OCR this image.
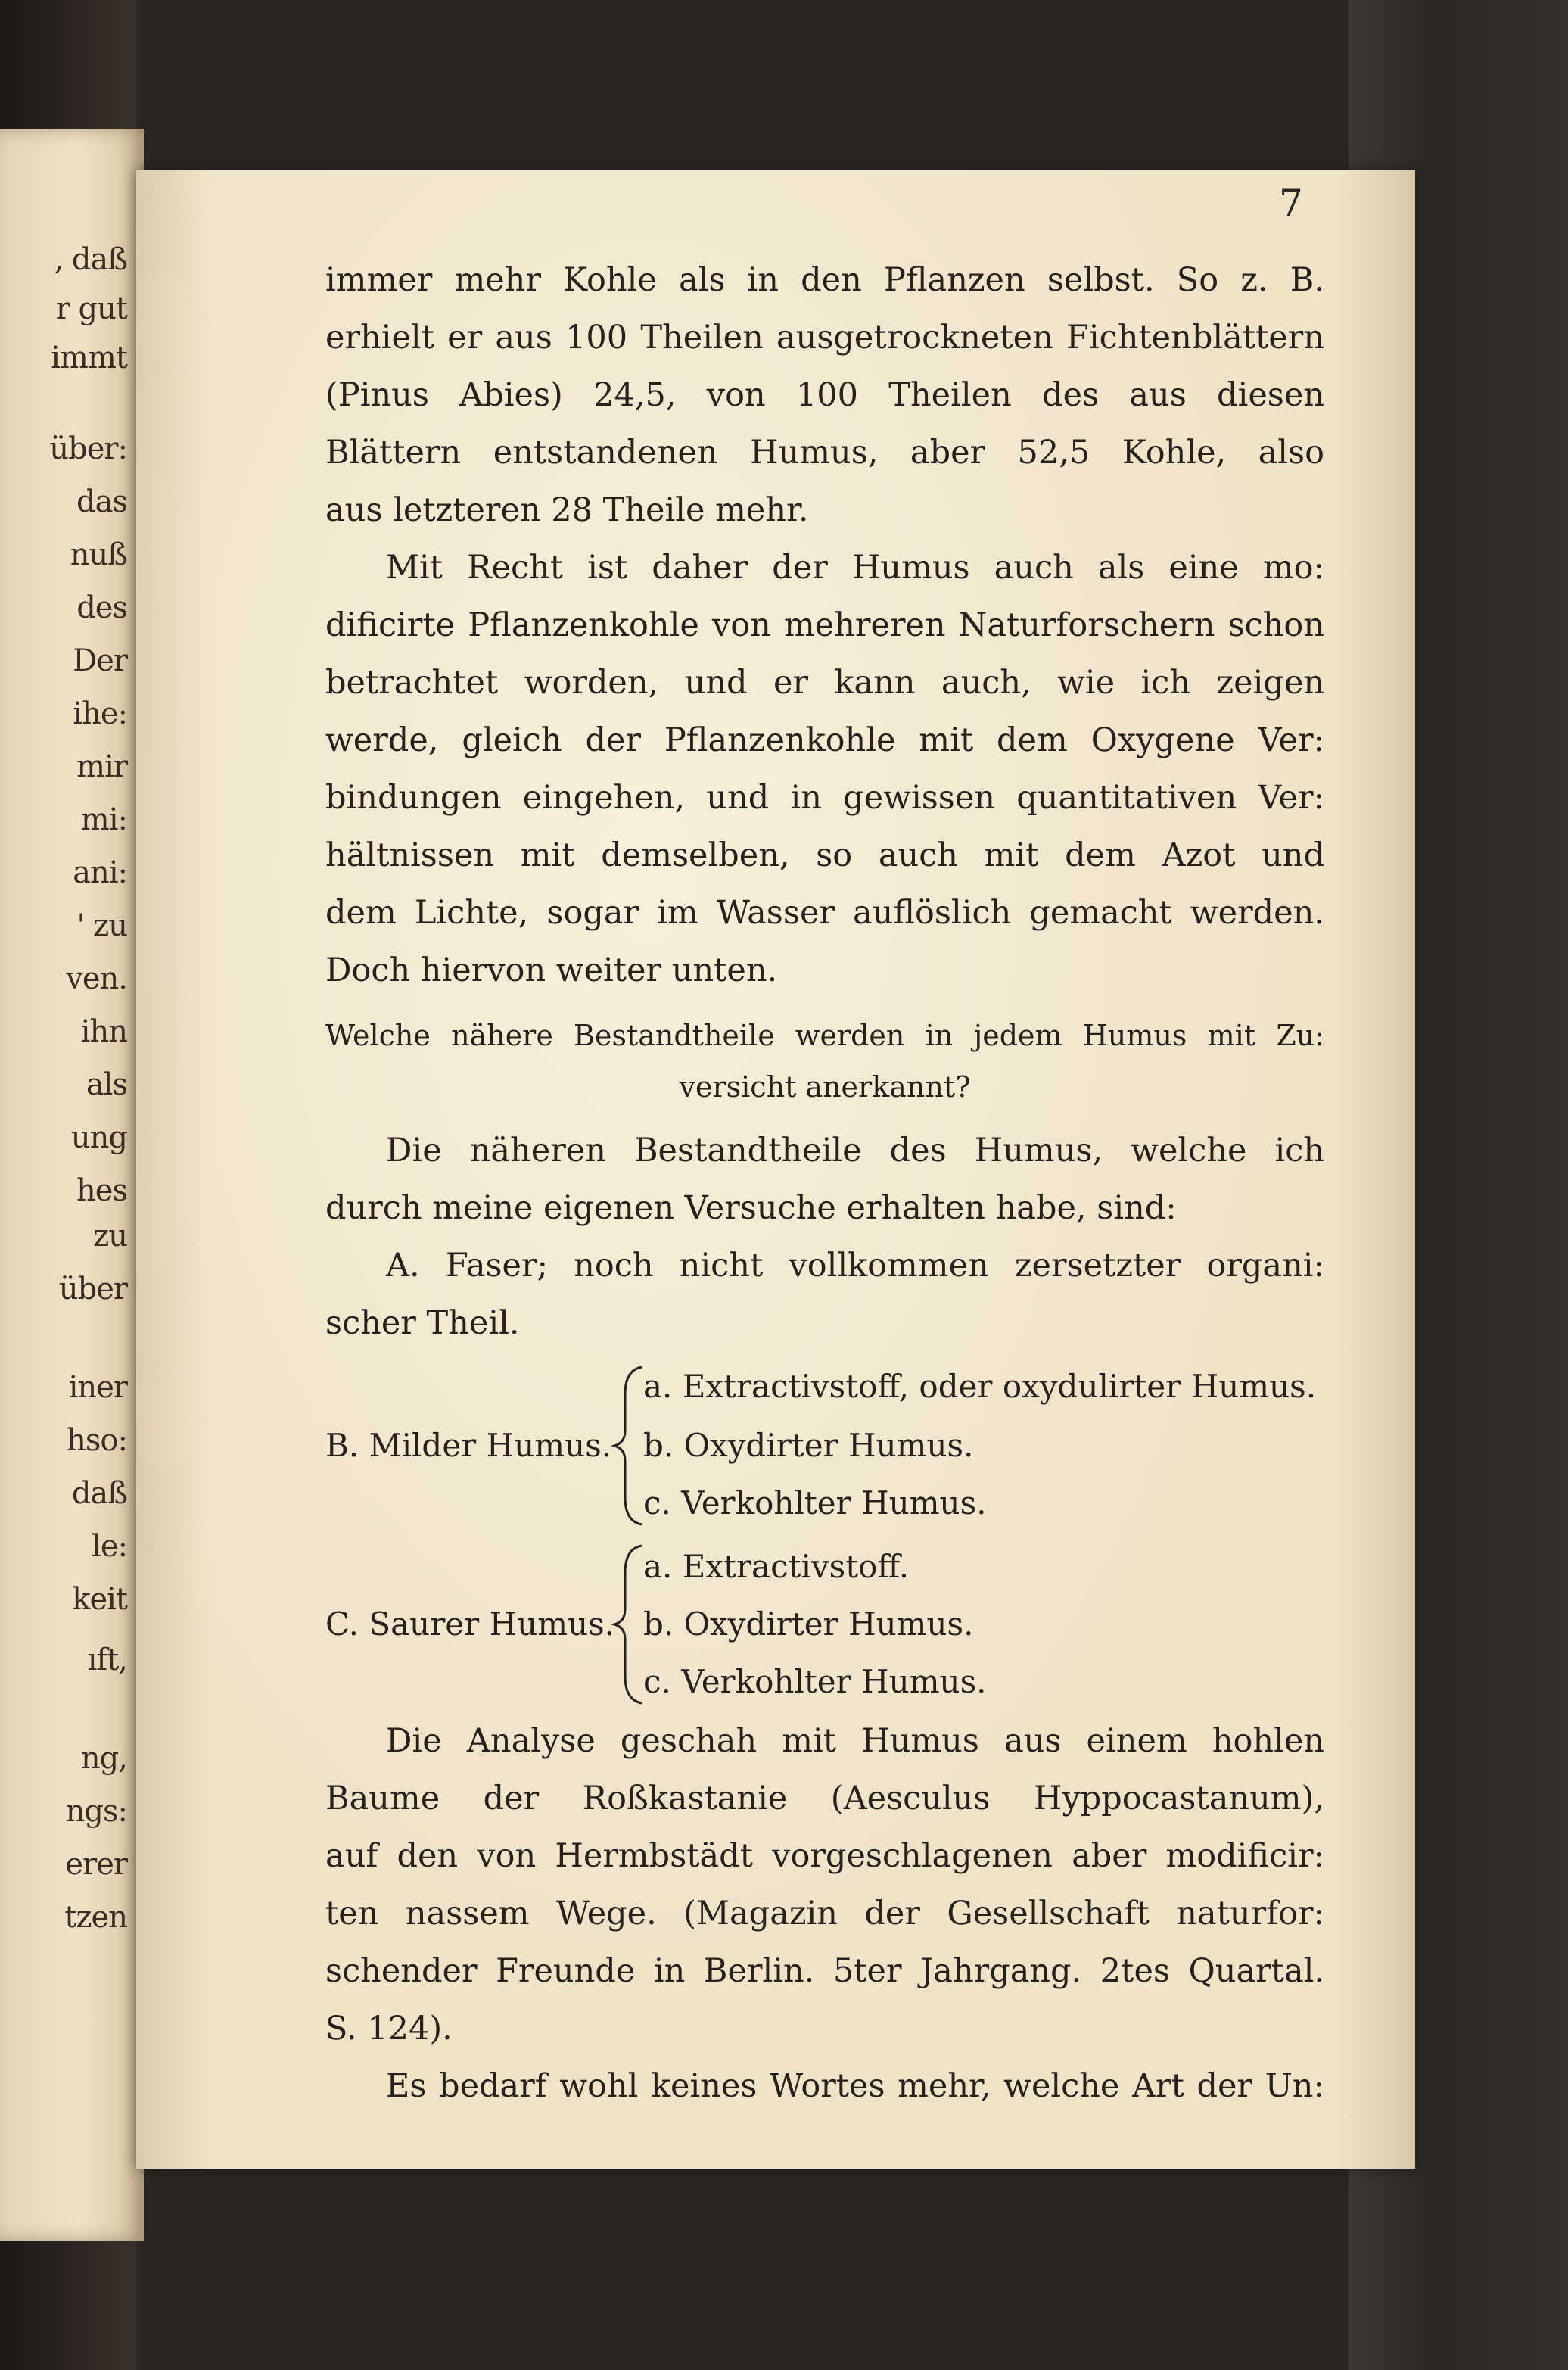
‚ daß
r gut
immt
über:
das
nuß
des
Der
ihe:
mir
mi:
ani:
' zu
ven.
ihn
als
ung
hes
zu
über
iner
hso:
daß
le:
keit
ıft,
ng,
ngs:
erer
tzen
7
immer mehr Kohle als in den Pflanzen selbst. So z. B.
erhielt er aus 100 Theilen ausgetrockneten Fichtenblättern
(Pinus Abies) 24,5, von 100 Theilen des aus diesen
Blättern entstandenen Humus, aber 52,5 Kohle, also
aus letzteren 28 Theile mehr.
Mit Recht ist daher der Humus auch als eine mo:
dificirte Pflanzenkohle von mehreren Naturforschern schon
betrachtet worden, und er kann auch, wie ich zeigen
werde, gleich der Pflanzenkohle mit dem Oxygene Ver:
bindungen eingehen, und in gewissen quantitativen Ver:
hältnissen mit demselben, so auch mit dem Azot und
dem Lichte, sogar im Wasser auflöslich gemacht werden.
Doch hiervon weiter unten.
Welche nähere Bestandtheile werden in jedem Humus mit Zu:
versicht anerkannt?
Die näheren Bestandtheile des Humus, welche ich
durch meine eigenen Versuche erhalten habe, sind:
A. Faser; noch nicht vollkommen zersetzter organi:
scher Theil.
B. Milder Humus.
a. Extractivstoff, oder oxydulirter Humus.
b. Oxydirter Humus.
c. Verkohlter Humus.
C. Saurer Humus.
a. Extractivstoff.
b. Oxydirter Humus.
c. Verkohlter Humus.
Die Analyse geschah mit Humus aus einem hohlen
Baume der Roßkastanie (Aesculus Hyppocastanum),
auf den von Hermbstädt vorgeschlagenen aber modificir:
ten nassem Wege. (Magazin der Gesellschaft naturfor:
schender Freunde in Berlin. 5ter Jahrgang. 2tes Quartal.
S. 124).
Es bedarf wohl keines Wortes mehr, welche Art der Un:
